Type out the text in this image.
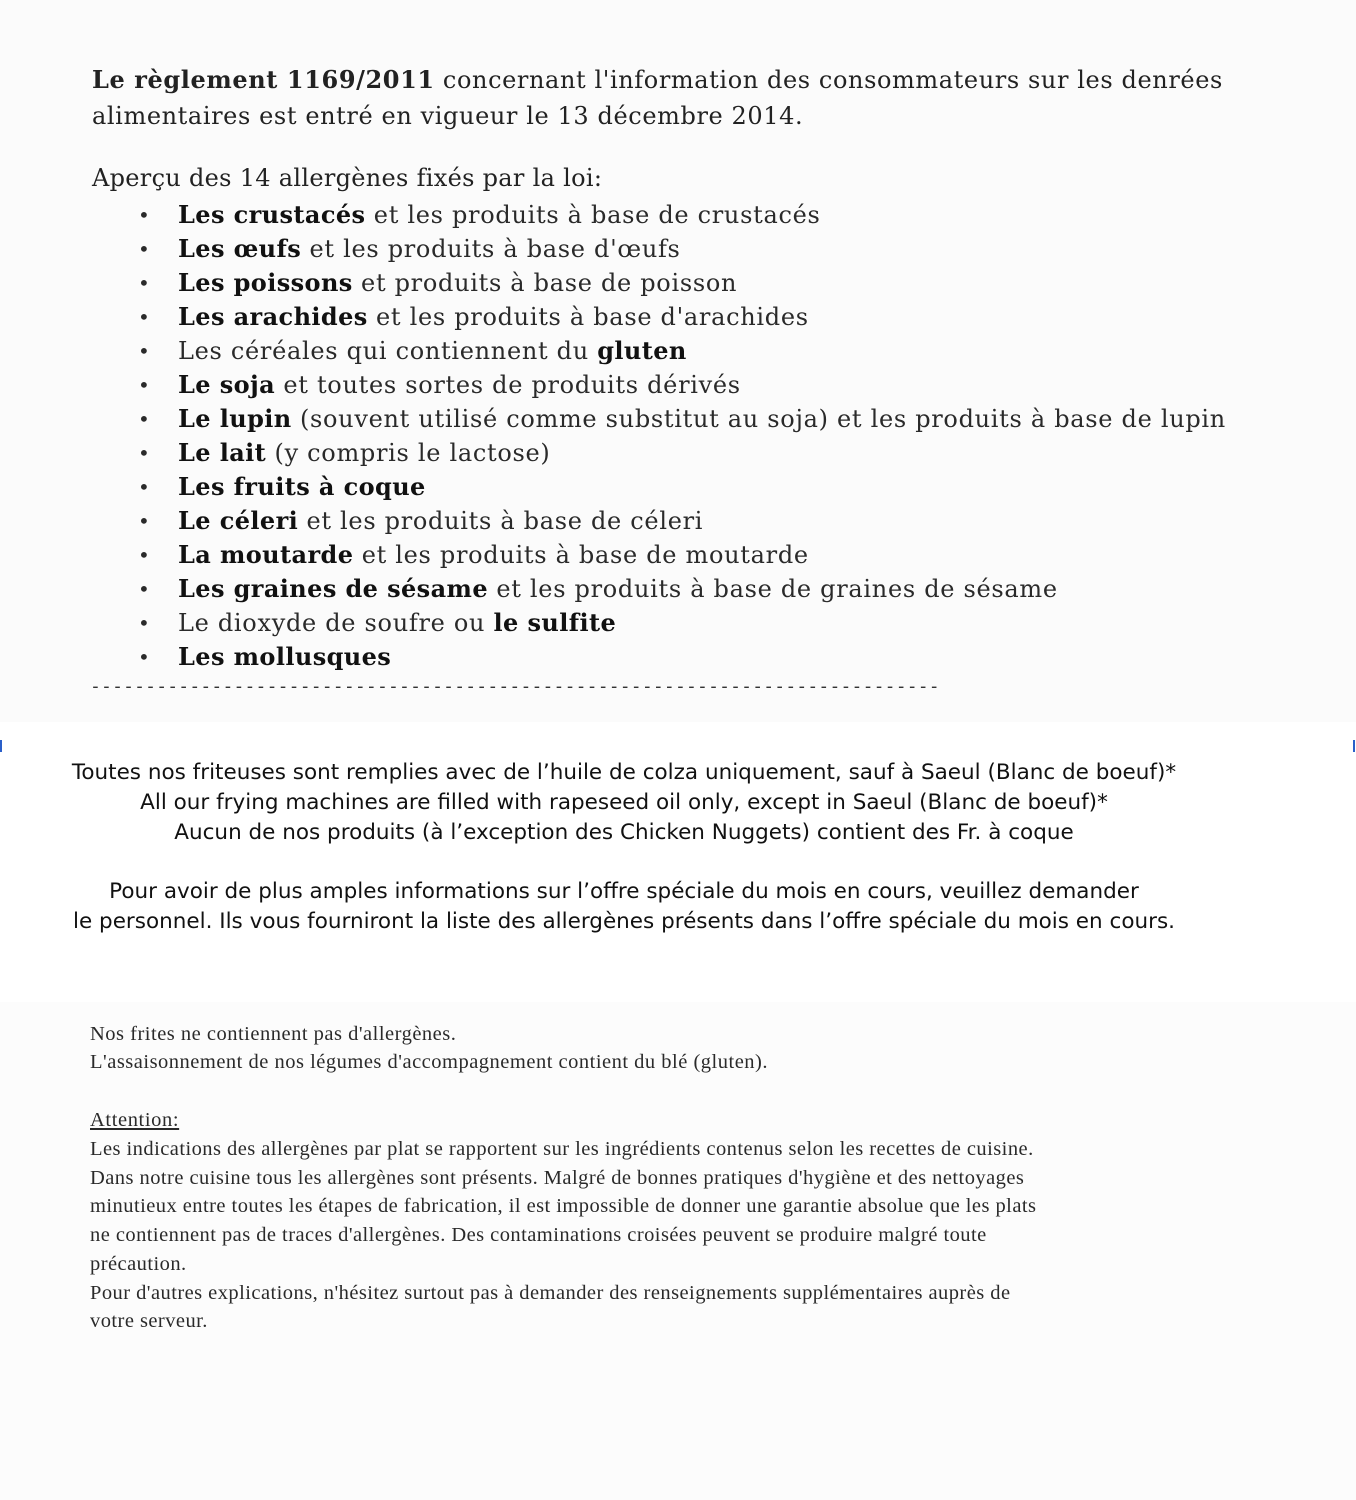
Le règlement 1169/2011 concernant l'information des consommateurs sur les denrées
alimentaires est entré en vigueur le 13 décembre 2014.
Aperçu des 14 allergènes fixés par la loi:
• Les crustacés et les produits à base de crustacés
• Les œufs et les produits à base d'œufs
• Les poissons et produits à base de poisson
• Les arachides et les produits à base d'arachides
• Les céréales qui contiennent du gluten
• Le soja et toutes sortes de produits dérivés
• Le lupin (souvent utilisé comme substitut au soja) et les produits à base de lupin
• Le lait (y compris le lactose)
• Les fruits à coque
• Le céleri et les produits à base de céleri
• La moutarde et les produits à base de moutarde
• Les graines de sésame et les produits à base de graines de sésame
• Le dioxyde de soufre ou le sulfite
• Les mollusques
-----------------------------------------------------------------------------
Toutes nos friteuses sont remplies avec de l’huile de colza uniquement, sauf à Saeul (Blanc de boeuf)*
All our frying machines are filled with rapeseed oil only, except in Saeul (Blanc de boeuf)*
Aucun de nos produits (à l’exception des Chicken Nuggets) contient des Fr. à coque
Pour avoir de plus amples informations sur l’offre spéciale du mois en cours, veuillez demander
le personnel. Ils vous fourniront la liste des allergènes présents dans l’offre spéciale du mois en cours.
Nos frites ne contiennent pas d'allergènes.
L'assaisonnement de nos légumes d'accompagnement contient du blé (gluten).
Attention:
Les indications des allergènes par plat se rapportent sur les ingrédients contenus selon les recettes de cuisine.
Dans notre cuisine tous les allergènes sont présents. Malgré de bonnes pratiques d'hygiène et des nettoyages
minutieux entre toutes les étapes de fabrication, il est impossible de donner une garantie absolue que les plats
ne contiennent pas de traces d'allergènes. Des contaminations croisées peuvent se produire malgré toute
précaution.
Pour d'autres explications, n'hésitez surtout pas à demander des renseignements supplémentaires auprès de
votre serveur.
